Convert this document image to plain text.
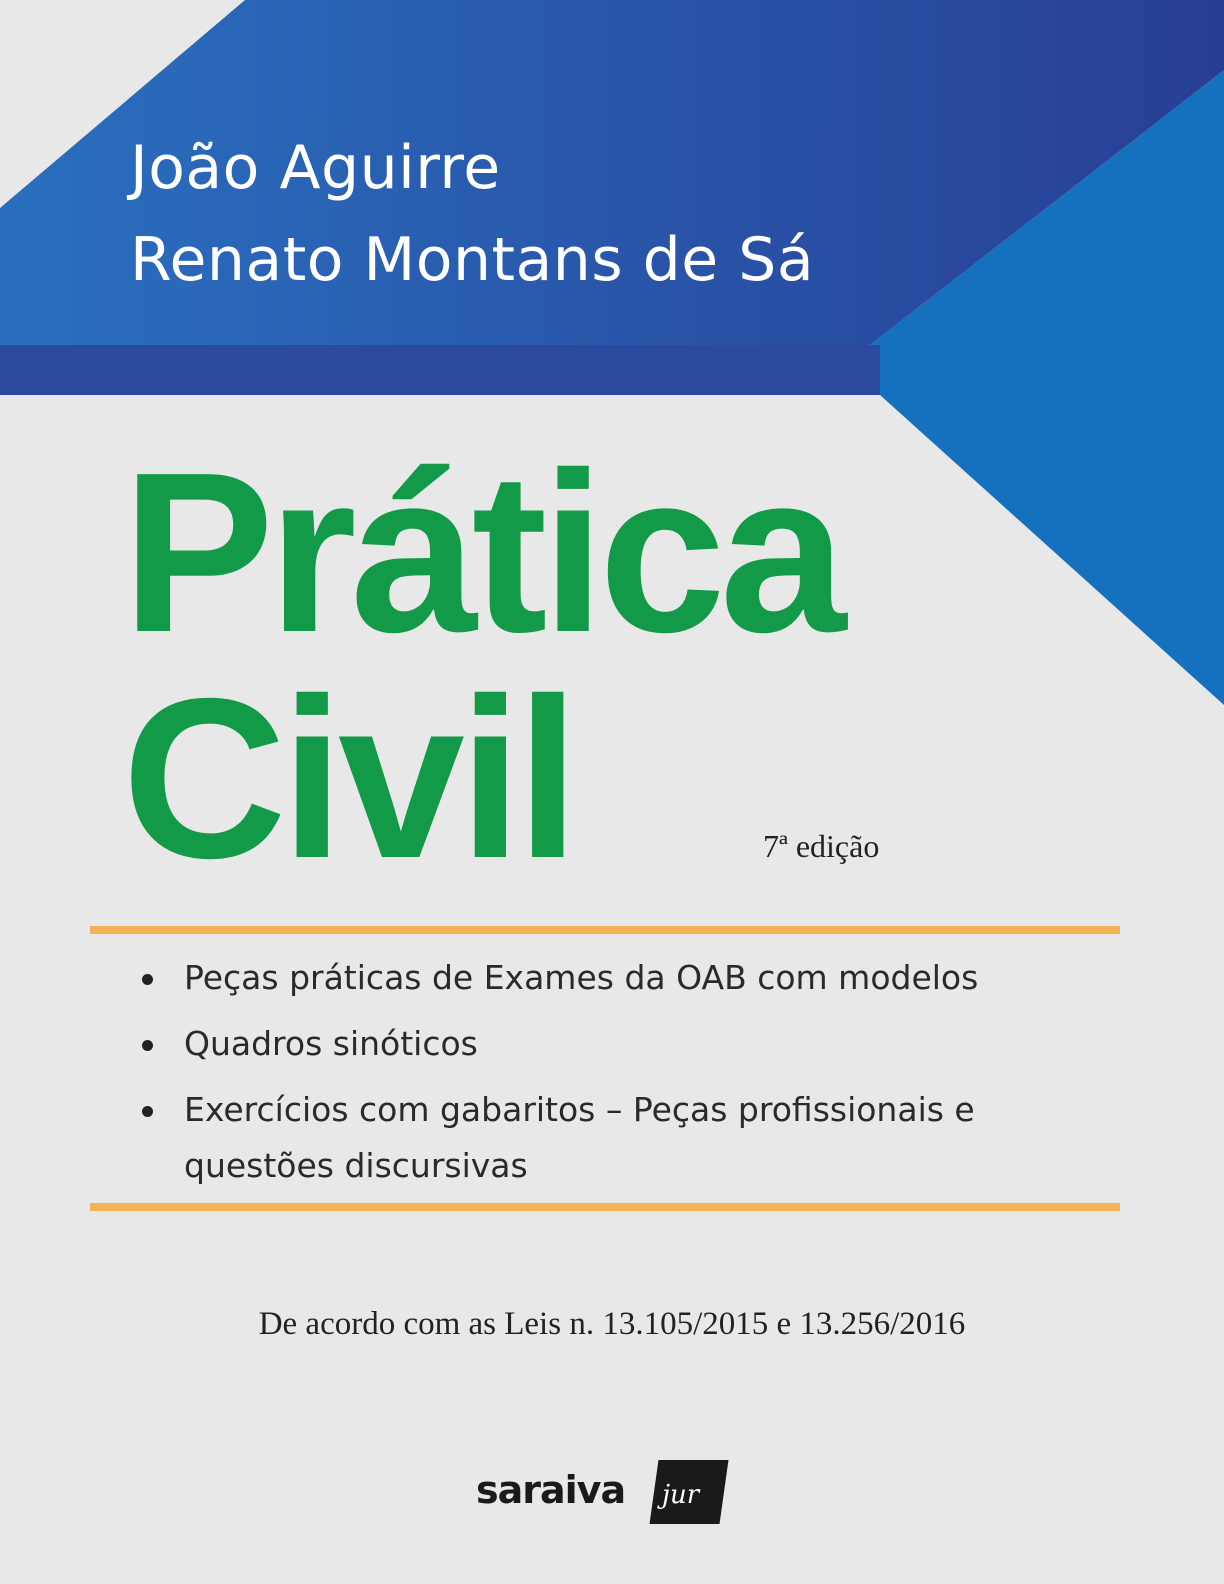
João Aguirre
Renato Montans de Sá
Prática
Civil	7ª edição
Peças práticas de Exames da OAB com modelos
Quadros sinóticos
Exercícios com gabaritos – Peças profissionais e questões discursivas
De acordo com as Leis n. 13.105/2015 e 13.256/2016
saraiva jur
